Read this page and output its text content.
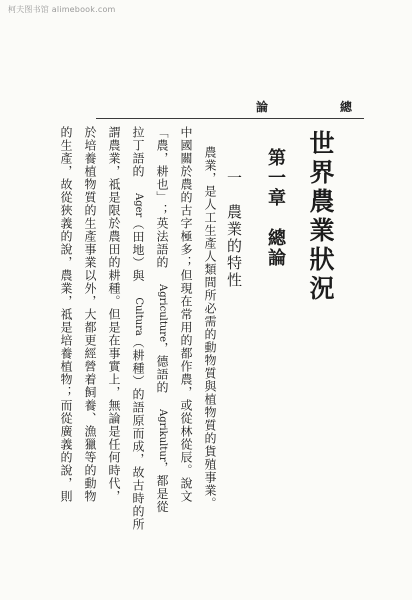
柯夫图书馆 alimebook.com
論	總
世界農業狀況
第一章　總論
一　農業的特性
農業，是人工生產人類間所必需的動物質與植物質的貨殖事業。
中國關於農的古字極多；但現在常用的都作農，或從林從辰。說文
「農，耕也」；英法語的 Agriculture，德語的 Agrikultur，都是從
拉丁語的 Ager（田地）與 Cultura（耕種）的語原而成，故古時的所
謂農業，祗是限於農田的耕種。但是在事實上，無論是任何時代，
於培養植物質的生產事業以外，大都更經營着飼養、漁獵等的動物
的生產，故從狹義的說，農業，祗是培養植物；而從廣義的說，則
